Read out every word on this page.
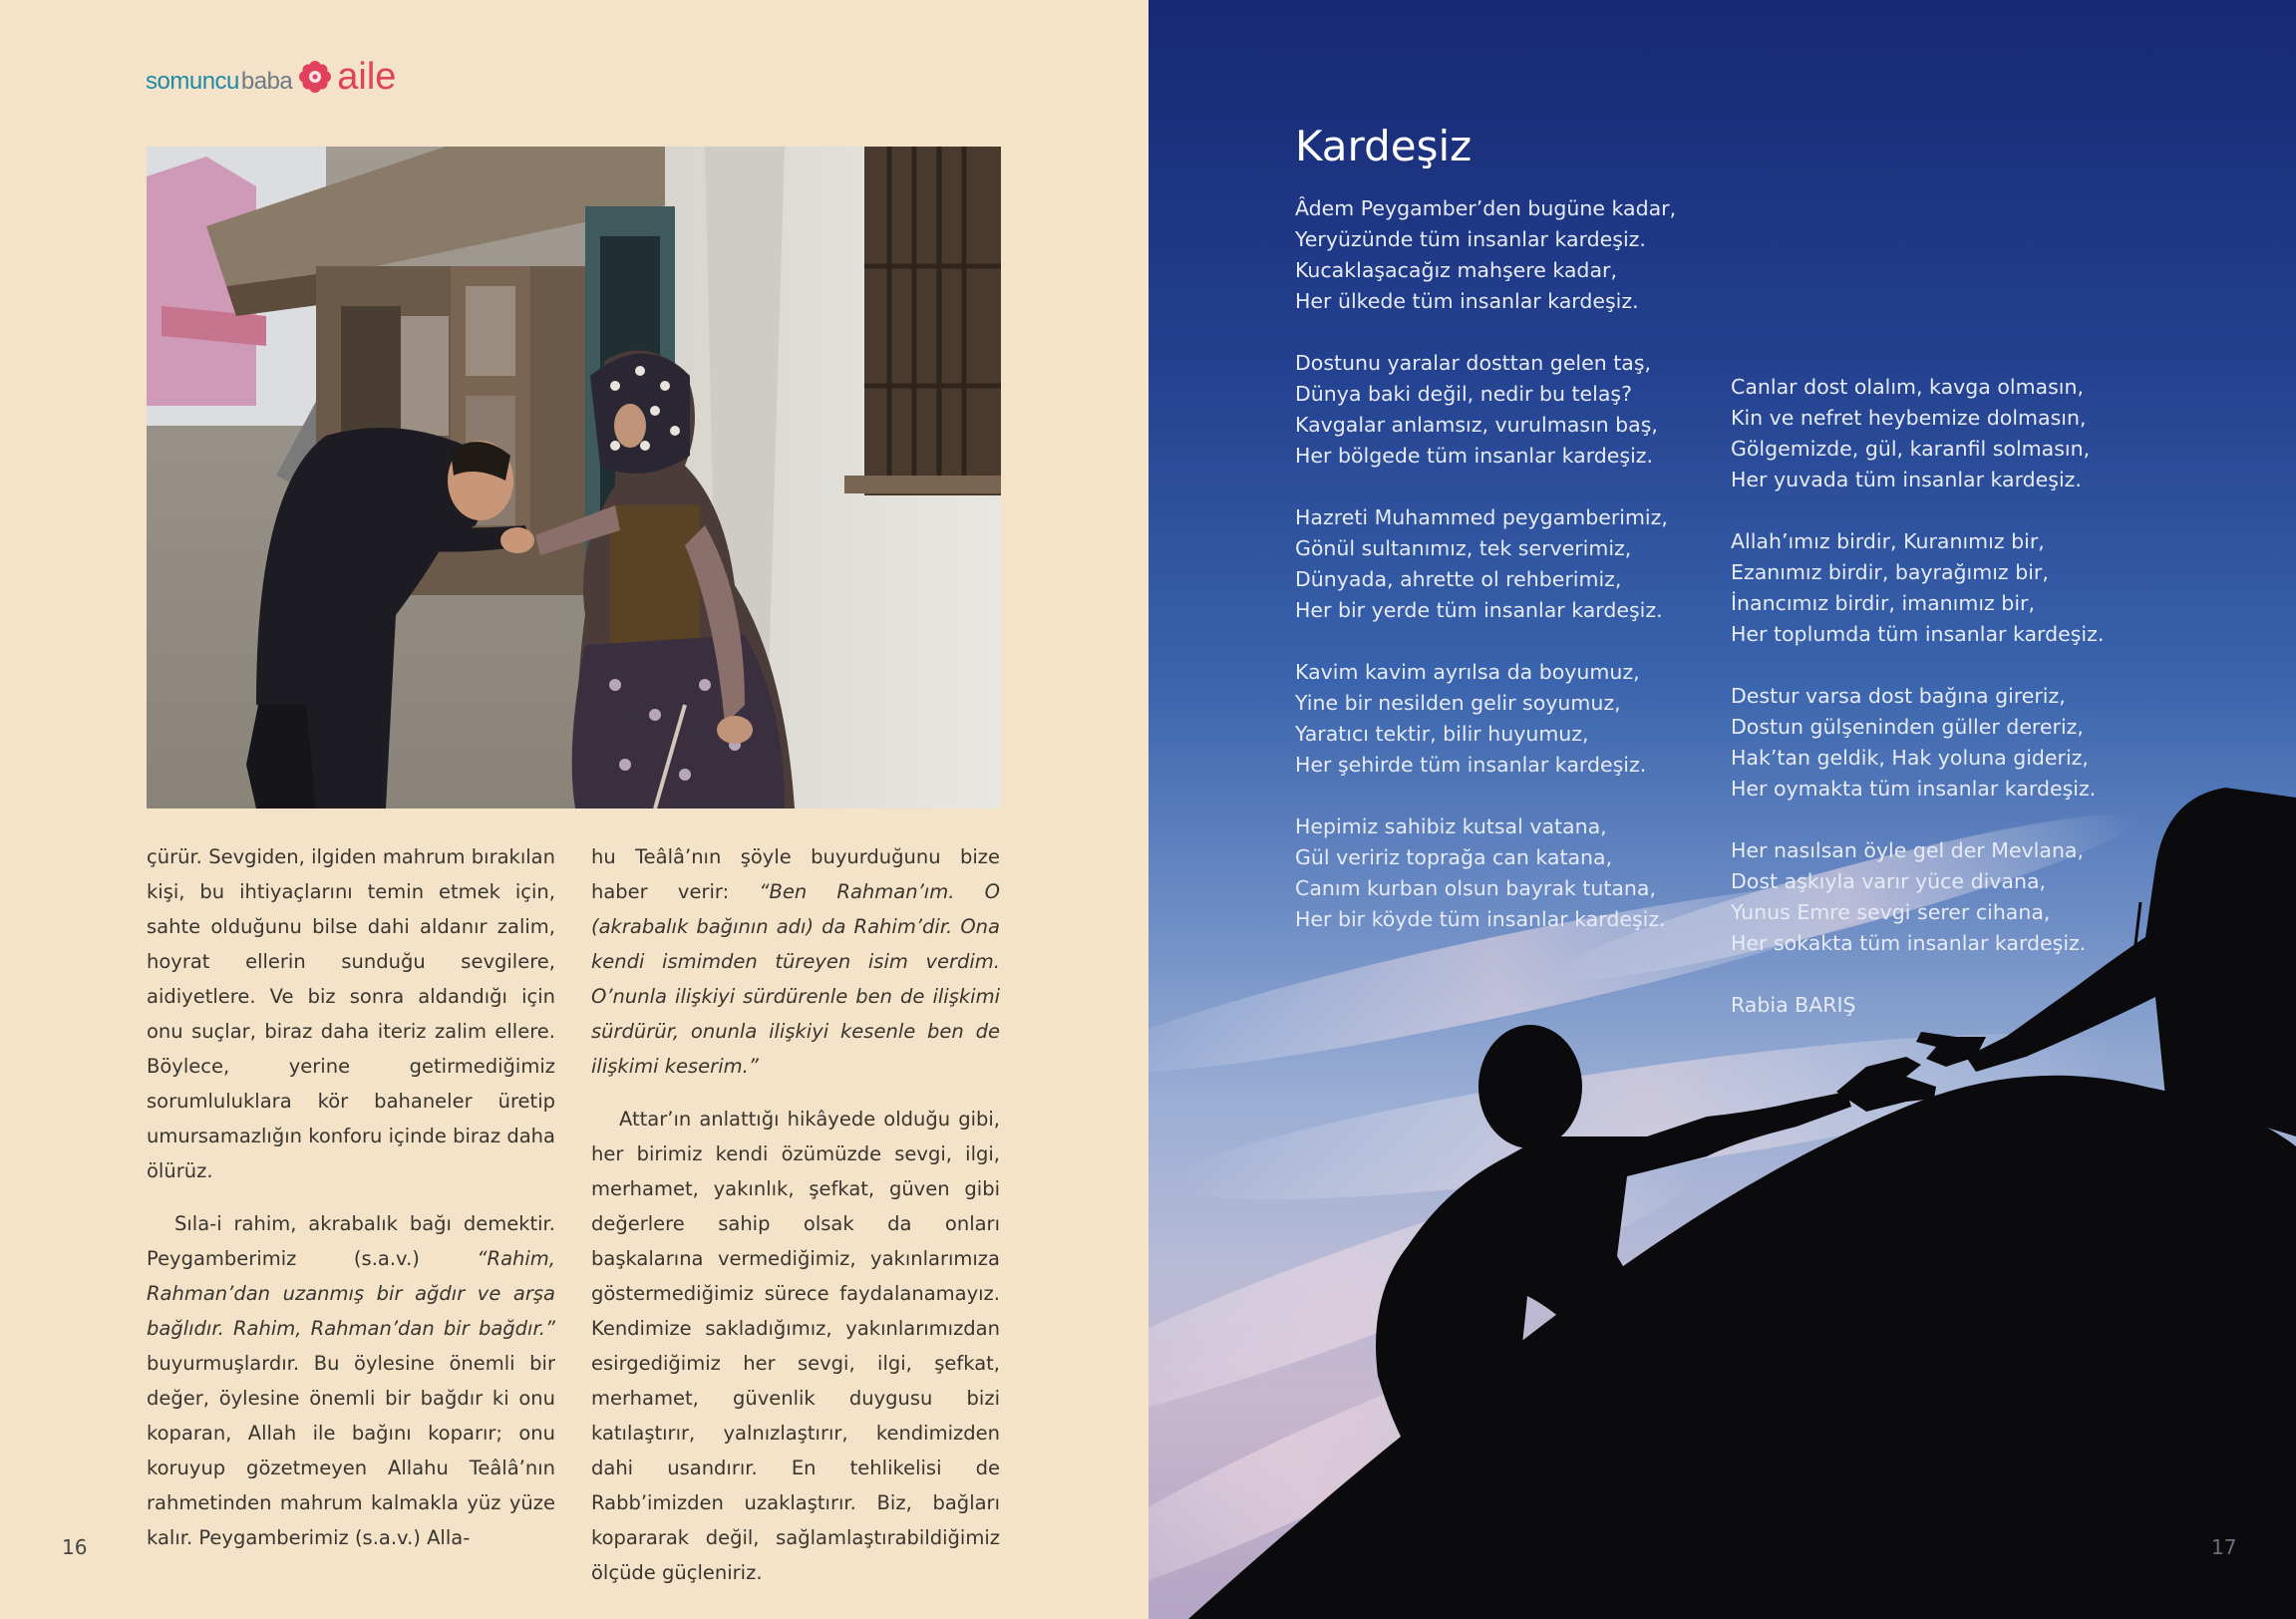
somuncu baba aile

çürür. Sevgiden, ilgiden mahrum bırakılan kişi, bu ihtiyaçlarını temin etmek için, sahte olduğunu bilse dahi aldanır zalim, hoyrat ellerin sunduğu sevgilere, aidiyetlere. Ve biz sonra aldandığı için onu suçlar, biraz daha iteriz zalim ellere. Böylece, yerine getirmediğimiz sorumluluklara kör bahaneler üretip umursamazlığın konforu içinde biraz daha ölürüz.

Sıla-i rahim, akrabalık bağı demektir. Peygamberimiz (s.a.v.) “Rahim, Rahman’dan uzanmış bir ağdır ve arşa bağlıdır. Rahim, Rahman’dan bir bağdır.” buyurmuşlardır. Bu öylesine önemli bir değer, öylesine önemli bir bağdır ki onu koparan, Allah ile bağını koparır; onu koruyup gözetmeyen Allahu Teâlâ’nın rahmetinden mahrum kalmakla yüz yüze kalır. Peygamberimiz (s.a.v.) Alla-

hu Teâlâ’nın şöyle buyurduğunu bize haber verir: “Ben Rahman’ım. O (akrabalık bağının adı) da Rahim’dir. Ona kendi ismimden türeyen isim verdim. O’nunla ilişkiyi sürdürenle ben de ilişkimi sürdürür, onunla ilişkiyi kesenle ben de ilişkimi keserim.”

Attar’ın anlattığı hikâyede olduğu gibi, her birimiz kendi özümüzde sevgi, ilgi, merhamet, yakınlık, şefkat, güven gibi değerlere sahip olsak da onları başkalarına vermediğimiz, yakınlarımıza göstermediğimiz sürece faydalanamayız. Kendimize sakladığımız, yakınlarımızdan esirgediğimiz her sevgi, ilgi, şefkat, merhamet, güvenlik duygusu bizi katılaştırır, yalnızlaştırır, kendimizden dahi usandırır. En tehlikelisi de Rabb’imizden uzaklaştırır. Biz, bağları kopararak değil, sağlamlaştırabildiğimiz ölçüde güçleniriz.

16
Kardeşiz
Âdem Peygamber’den bugüne kadar,
Yeryüzünde tüm insanlar kardeşiz.
Kucaklaşacağız mahşere kadar,
Her ülkede tüm insanlar kardeşiz.
Dostunu yaralar dosttan gelen taş,
Dünya baki değil, nedir bu telaş?
Kavgalar anlamsız, vurulmasın baş,
Her bölgede tüm insanlar kardeşiz.
Hazreti Muhammed peygamberimiz,
Gönül sultanımız, tek serverimiz,
Dünyada, ahrette ol rehberimiz,
Her bir yerde tüm insanlar kardeşiz.
Kavim kavim ayrılsa da boyumuz,
Yine bir nesilden gelir soyumuz,
Yaratıcı tektir, bilir huyumuz,
Her şehirde tüm insanlar kardeşiz.
Hepimiz sahibiz kutsal vatana,
Gül veririz toprağa can katana,
Canım kurban olsun bayrak tutana,
Her bir köyde tüm insanlar kardeşiz.
Canlar dost olalım, kavga olmasın,
Kin ve nefret heybemize dolmasın,
Gölgemizde, gül, karanfil solmasın,
Her yuvada tüm insanlar kardeşiz.
Allah’ımız birdir, Kuranımız bir,
Ezanımız birdir, bayrağımız bir,
İnancımız birdir, imanımız bir,
Her toplumda tüm insanlar kardeşiz.
Destur varsa dost bağına gireriz,
Dostun gülşeninden güller dereriz,
Hak’tan geldik, Hak yoluna gideriz,
Her oymakta tüm insanlar kardeşiz.
Her nasılsan öyle gel der Mevlana,
Dost aşkıyla varır yüce divana,
Yunus Emre sevgi serer cihana,
Her sokakta tüm insanlar kardeşiz.
Rabia BARIŞ
17
